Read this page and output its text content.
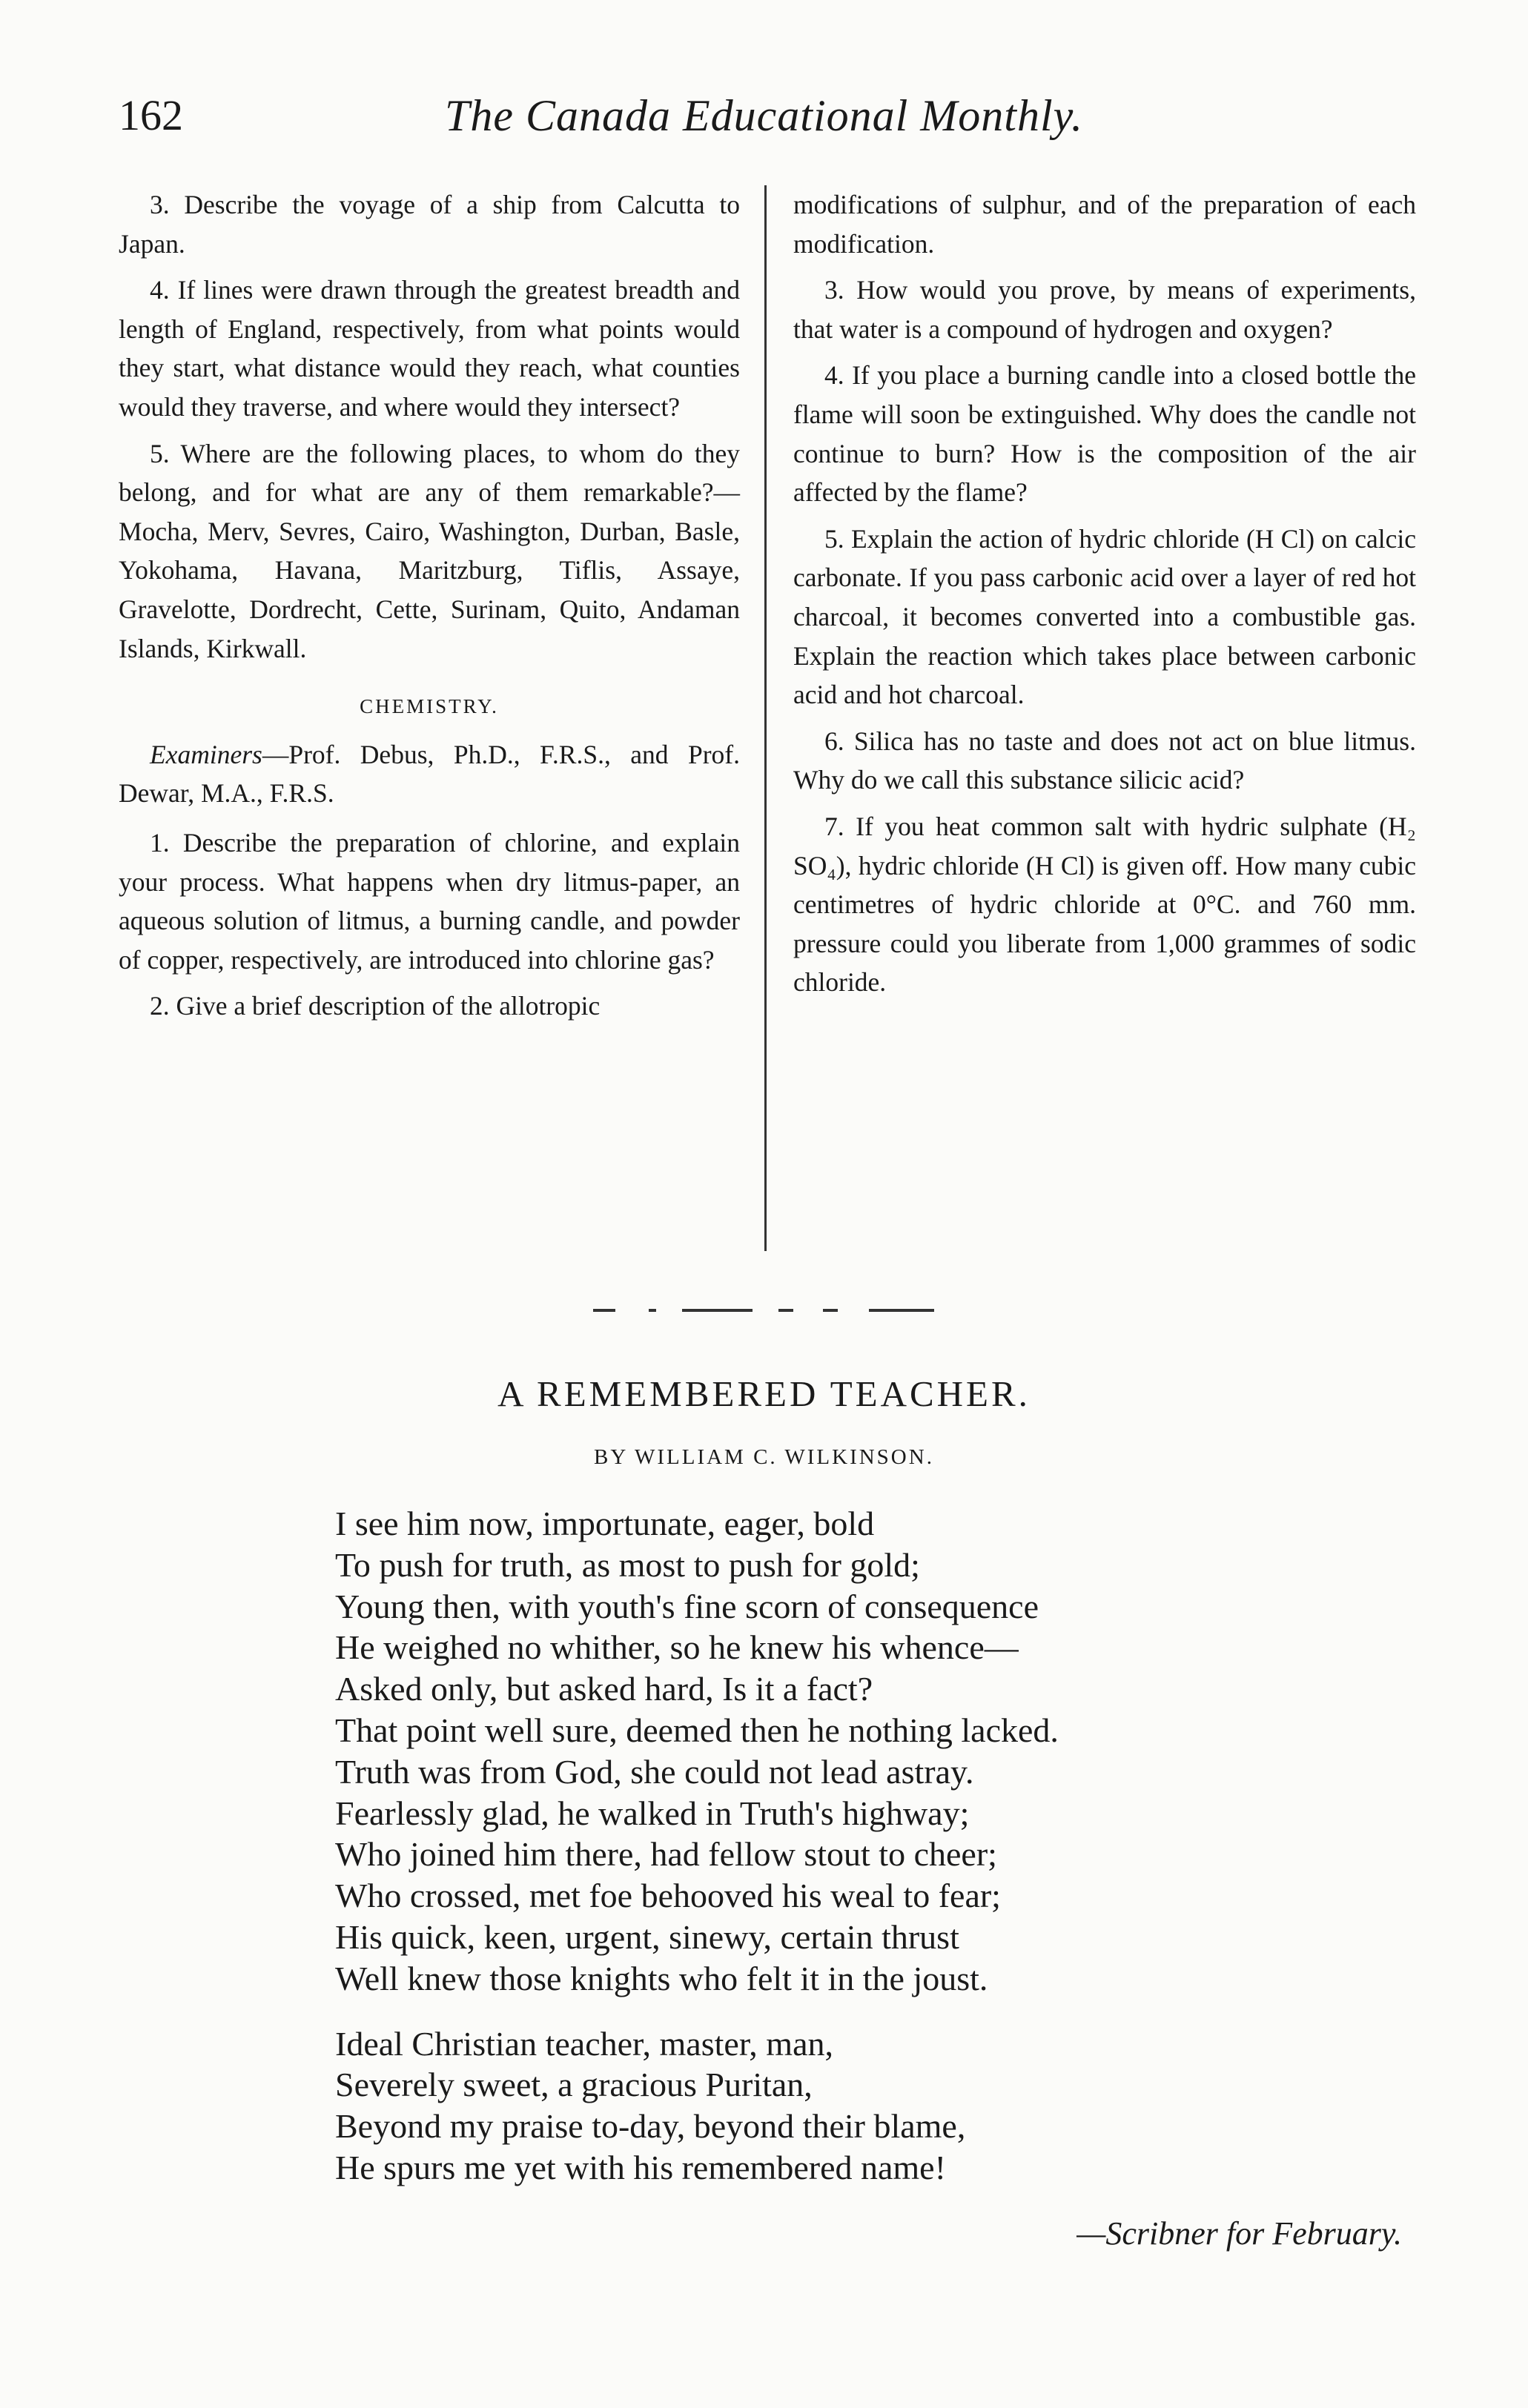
162	The Canada Educational Monthly.

3. Describe the voyage of a ship from Calcutta to Japan.

4. If lines were drawn through the greatest breadth and length of England, respectively, from what points would they start, what distance would they reach, what counties would they traverse, and where would they intersect?

5. Where are the following places, to whom do they belong, and for what are any of them remarkable?—Mocha, Merv, Sevres, Cairo, Washington, Durban, Basle, Yokohama, Havana, Maritzburg, Tiflis, Assaye, Gravelotte, Dordrecht, Cette, Surinam, Quito, Andaman Islands, Kirkwall.

CHEMISTRY.

Examiners—Prof. Debus, Ph.D., F.R.S., and Prof. Dewar, M.A., F.R.S.

1. Describe the preparation of chlorine, and explain your process. What happens when dry litmus-paper, an aqueous solution of litmus, a burning candle, and powder of copper, respectively, are introduced into chlorine gas?

2. Give a brief description of the allotropic

modifications of sulphur, and of the preparation of each modification.

3. How would you prove, by means of experiments, that water is a compound of hydrogen and oxygen?

4. If you place a burning candle into a closed bottle the flame will soon be extinguished. Why does the candle not continue to burn? How is the composition of the air affected by the flame?

5. Explain the action of hydric chloride (H Cl) on calcic carbonate. If you pass carbonic acid over a layer of red hot charcoal, it becomes converted into a combustible gas. Explain the reaction which takes place between carbonic acid and hot charcoal.

6. Silica has no taste and does not act on blue litmus. Why do we call this substance silicic acid?

7. If you heat common salt with hydric sulphate (H₂ SO₄), hydric chloride (H Cl) is given off. How many cubic centimetres of hydric chloride at 0°C. and 760 mm. pressure could you liberate from 1,000 grammes of sodic chloride.

A REMEMBERED TEACHER.
BY WILLIAM C. WILKINSON.
I see him now, importunate, eager, bold
To push for truth, as most to push for gold;
Young then, with youth's fine scorn of consequence
He weighed no whither, so he knew his whence—
Asked only, but asked hard, Is it a fact?
That point well sure, deemed then he nothing lacked.
Truth was from God, she could not lead astray.
Fearlessly glad, he walked in Truth's highway;
Who joined him there, had fellow stout to cheer;
Who crossed, met foe behooved his weal to fear;
His quick, keen, urgent, sinewy, certain thrust
Well knew those knights who felt it in the joust.
Ideal Christian teacher, master, man,
Severely sweet, a gracious Puritan,
Beyond my praise to-day, beyond their blame,
He spurs me yet with his remembered name!
—Scribner for February.
